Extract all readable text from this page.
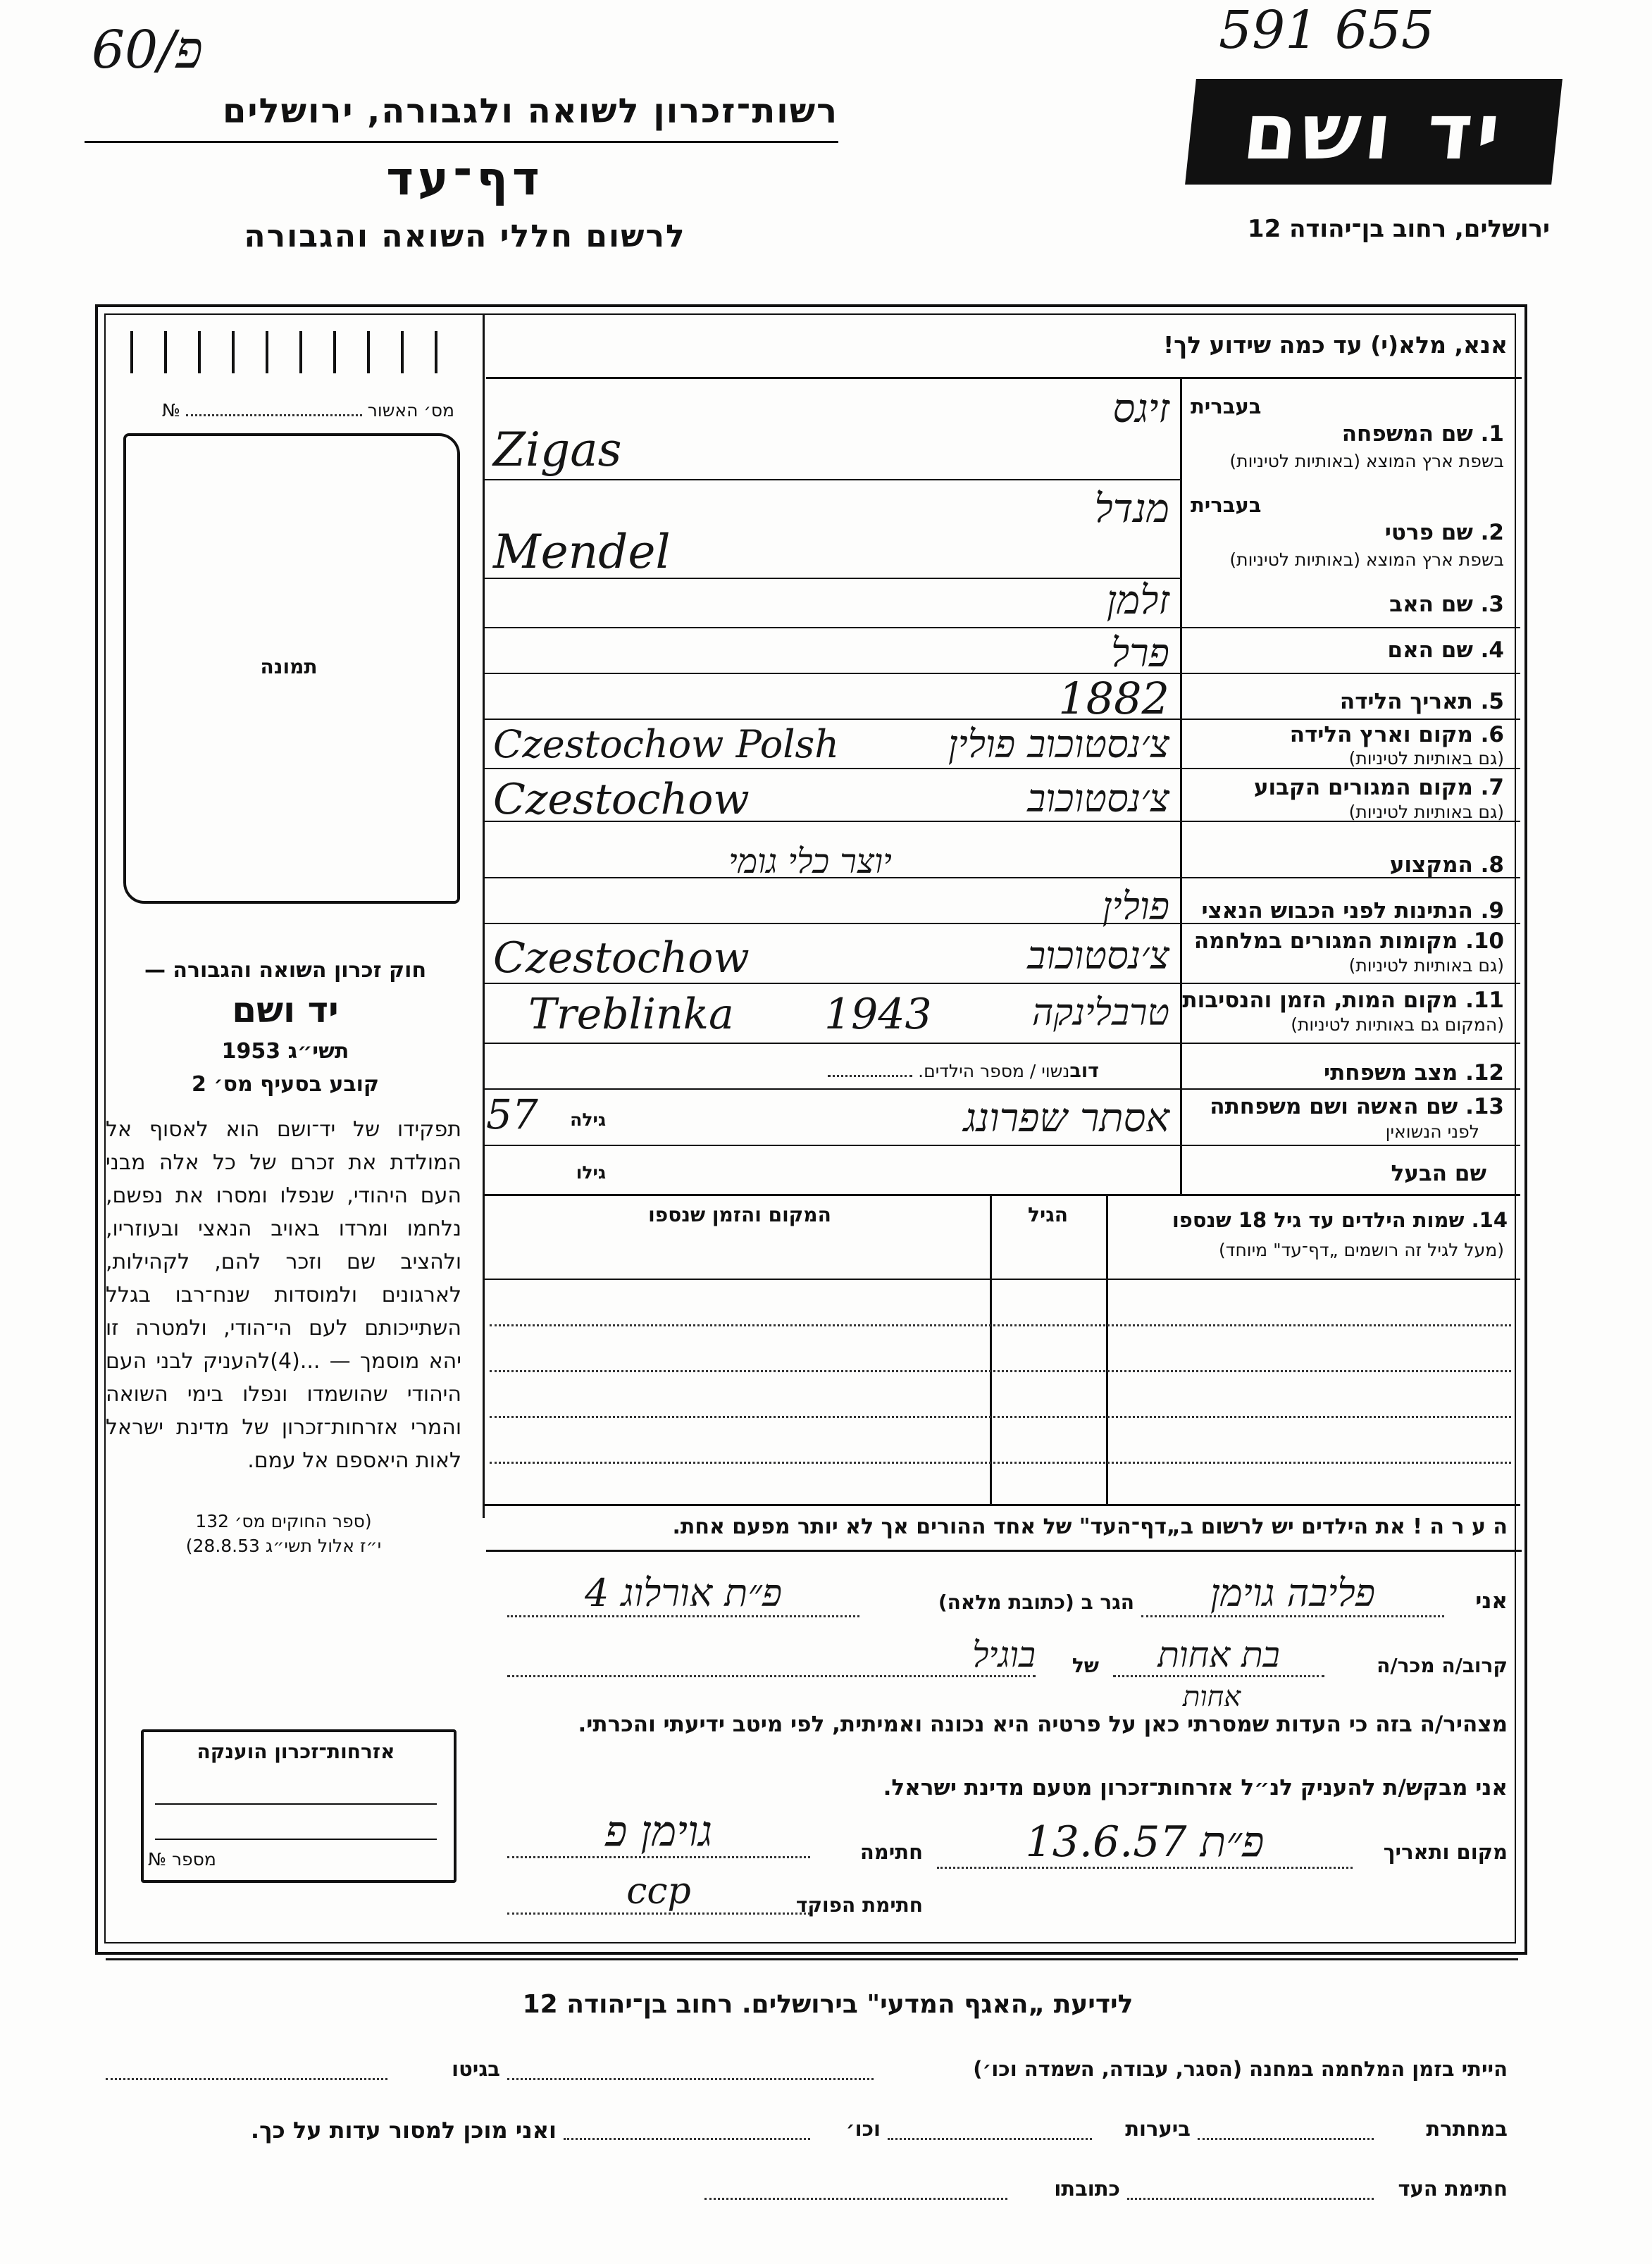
60/פ	591 655
רשות־זכרון לשואה ולגבורה, ירושלים
דף־עד
לרשום חללי השואה והגבורה
יד ושם
ירושלים, רחוב בן־יהודה 12
אנא, מלא(י) עד כמה שידוע לך!
מס׳ האשור  №
תמונה
חוק זכרון השואה והגבורה —
יד ושם
תשי״ג 1953
קובע בסעיף מס׳ 2
תפקידו של יד־ושם הוא לאסוף אל המולדת את זכרם של כל אלה מבני העם היהודי, שנפלו ומסרו את נפשם, נלחמו ומרדו באויב הנאצי ובעוזריו, ולהציב שם וזכר להם, לקהילות, לארגונים ולמוסדות שנח־רבו בגלל השתייכותם לעם הי־הודי, ולמטרה זו יהא מוסמך — ...(4)להעניק לבני העם היהודי שהושמדו ונפלו בימי השואה והמרי אזרחות־זכרון של מדינת ישראל לאות היאספם אל עמם.
(ספר החוקים מס׳ 132
י״ז אלול תשי״ג 28.8.53)
אזרחות־זכרון הוענקה
מספר №
בעברית
1. שם המשפחה
בשפת ארץ המוצא (באותיות לטיניות)
זיגס
Zigas
בעברית
2. שם פרטי
בשפת ארץ המוצא (באותיות לטיניות)
מנדל
Mendel
3. שם האב
זלמן
4. שם האם
פרל
5. תאריך הלידה
1882
6. מקום וארץ הלידה
(גם באותיות לטיניות)
צ׳נסטוכוב פולין
Czestochow Polsh
7. מקום המגורים הקבוע
(גם באותיות לטיניות)
צ׳נסטוכוב
Czestochow
8. המקצוע
יוצר כלי גומי
9. הנתינות לפני הכבוש הנאצי
פולין
10. מקומות המגורים במלחמה
(גם באותיות לטיניות)
צ׳נסטוכוב
Czestochow
11. מקום המות, הזמן והנסיבות
(המקום גם באותיות לטיניות)
טרבלינקה
1943
Treblinka
12. מצב משפחתי
דובנשוי / מספר הילדים.
13. שם האשה ושם משפחתה
לפני הנשואין
אסתר שפרונג
גילה
57
שם הבעל
גילו
14. שמות הילדים עד גיל 18 שנספו
(מעל לגיל זה רושמים „דף־עד" מיוחד)
הגיל
המקום והזמן שנספו
ה ע ר ה ! את הילדים יש לרשום ב„דף־העד" של אחד ההורים אך לא יותר מפעם אחת.
אני
פליבה גוימן
הגר ב (כתובת מלאה)
פ״ת אורלוג 4
קרוב/ה מכר/ה
בת אחות
אחות
של
בוגיל
מצהיר/ה בזה כי העדות שמסרתי כאן על פרטיה היא נכונה ואמיתית, לפי מיטב ידיעתי והכרתי.
אני מבקש/ת להעניק לנ״ל אזרחות־זכרון מטעם מדינת ישראל.
מקום ותאריך
פ״ת 13.6.57
חתימה
גוימן פ
חתימת הפוקד
ccp
לידיעת „האגף המדעי" בירושלים. רחוב בן־יהודה 12
הייתי בזמן המלחמה במחנה (הסגר, עבודה, השמדה וכו׳)
בגיטו
במחתרת
ביערות
וכו׳
ואני מוכן למסור עדות על כך.
חתימת העד
כתובתו
